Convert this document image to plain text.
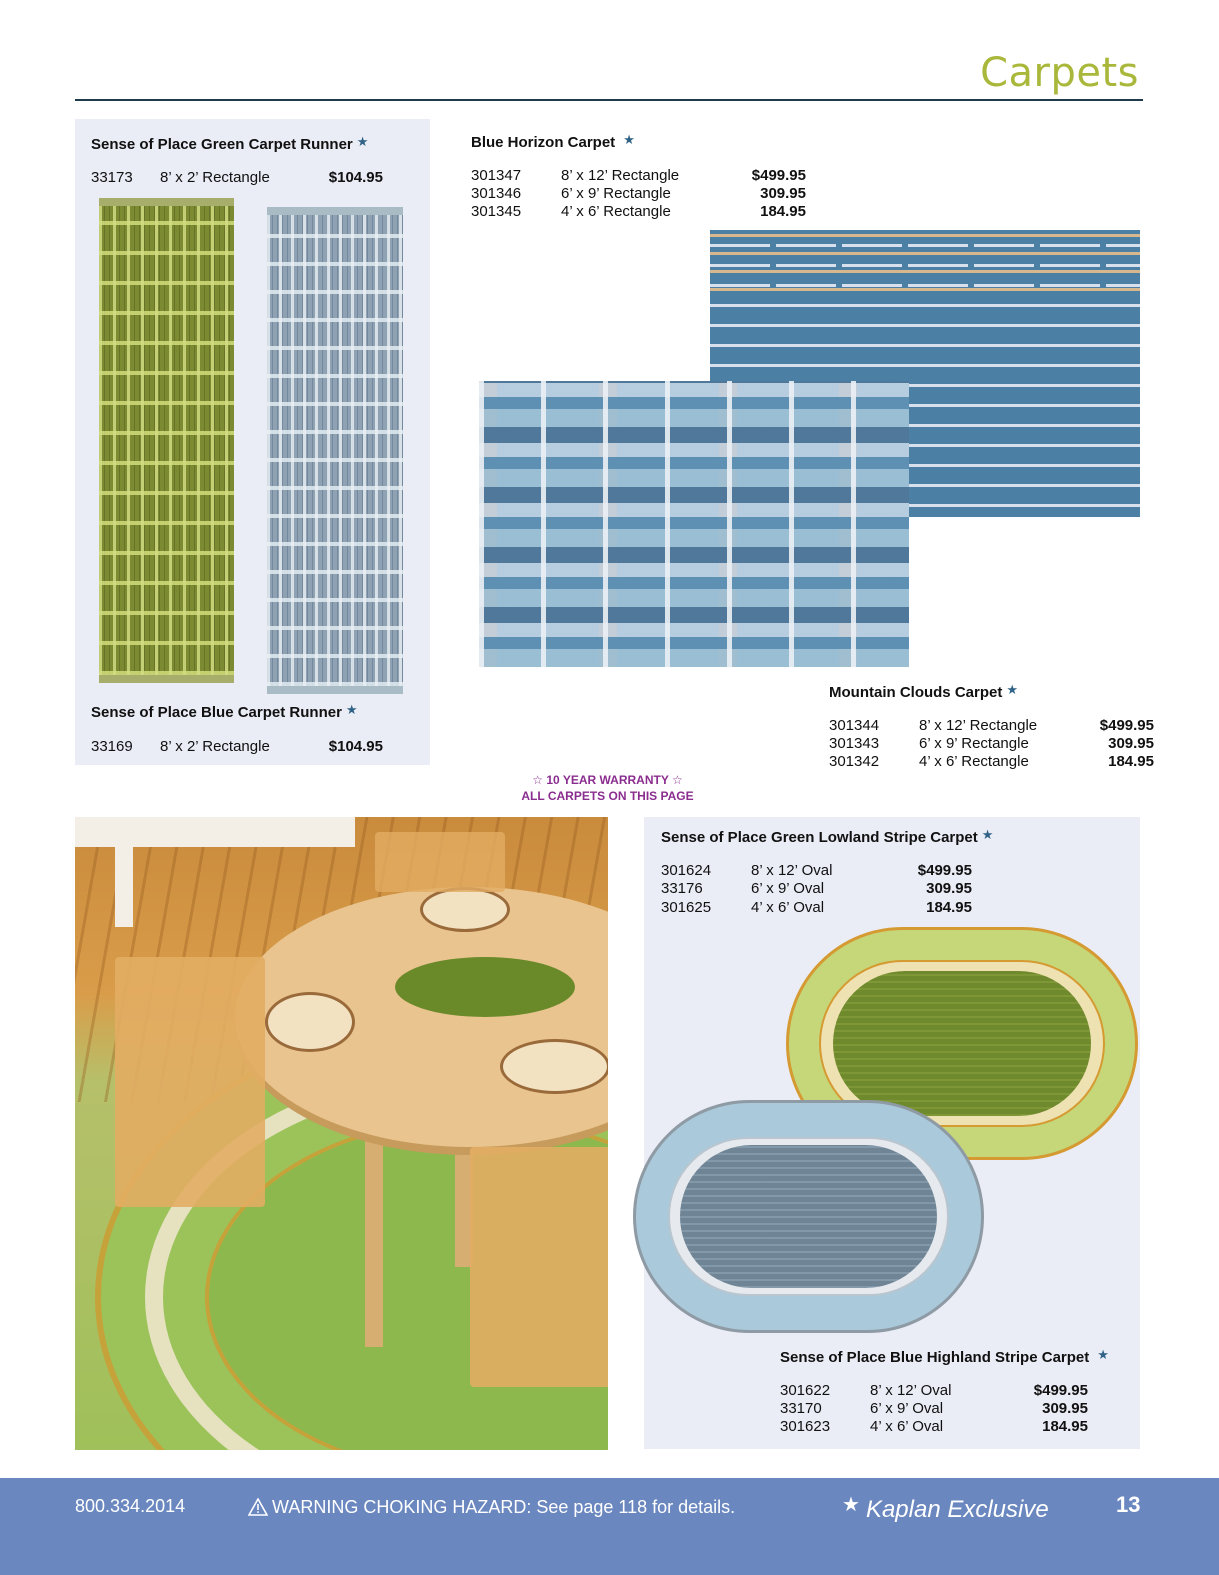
Carpets
Sense of Place Green Carpet Runner ★
33173 8’ x 2’ Rectangle	$104.95
Sense of Place Blue Carpet Runner ★
33169 8’ x 2’ Rectangle	$104.95
Blue Horizon Carpet ★
301347	8’ x 12’ Rectangle	$499.95
301346	6’ x 9’ Rectangle	309.95
301345	4’ x 6’ Rectangle	184.95
Mountain Clouds Carpet ★
301344	8’ x 12’ Rectangle	$499.95
301343	6’ x 9’ Rectangle	309.95
301342	4’ x 6’ Rectangle	184.95
☆ 10 YEAR WARRANTY ☆
ALL CARPETS ON THIS PAGE
Sense of Place Green Lowland Stripe Carpet ★
301624	8’ x 12’ Oval	$499.95
33176	6’ x 9’ Oval	309.95
301625	4’ x 6’ Oval	184.95
Sense of Place Blue Highland Stripe Carpet ★
301622	8’ x 12’ Oval	$499.95
33170	6’ x 9’ Oval	309.95
301623	4’ x 6’ Oval	184.95
800.334.2014	WARNING CHOKING HAZARD: See page 118 for details.	★ Kaplan Exclusive	13
